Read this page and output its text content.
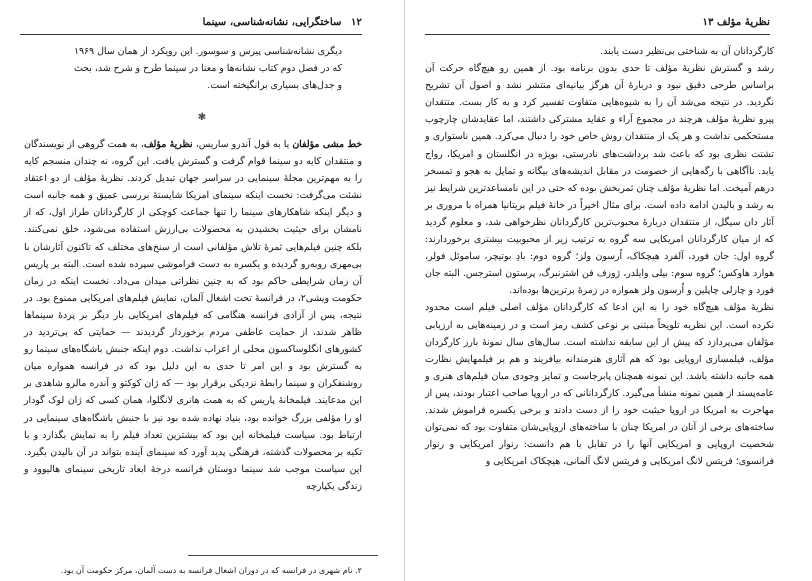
۱۲ ساختگرایی، نشانه‌شناسی، سینما

دیگری نشانه‌شناسی پیرس و سوسور. این رویکرد از همان سال ۱۹۶۹ که در فصل دوم کتاب نشانه‌ها و معنا در سینما طرح و شرح شد، بحث و جدل‌های بسیاری برانگیخته است.

❃

خط مشی مؤلفان یا به قول آندرو ساریس، نظریهٔ مؤلف، به همت گروهی از نویسندگان و منتقدان کایه دو سینما قوام گرفت و گسترش یافت. این گروه، نه چندان منسجم کایه را به مهم‌ترین مجلهٔ سینمایی در سراسر جهان تبدیل کردند. نظریهٔ مؤلف از دو اعتقاد نشئت می‌گرفت: نخست اینکه سینمای امریکا شایستهٔ بررسی عمیق و همه جانبه است و دیگر اینکه شاهکارهای سینما را تنها جماعت کوچکی از کارگردانان طراز اول، که از نامشان برای حیثیت بخشیدن به محصولات بی‌ارزش استفاده می‌شود، خلق نمی‌کنند. بلکه چنین فیلم‌هایی ثمرهٔ تلاش مؤلفانی است از سنخ‌های مختلف که تاکنون آثارشان با بی‌مهری روبه‌رو گردیده و یکسره به دست فراموشی سپرده شده است. البته بر پاریس آن زمان شرایطی حاکم بود که به چنین نظراتی میدان می‌داد. نخست اینکه در زمان حکومت ویشی۲، در فرانسهٔ تحت اشغال آلمان، نمایش فیلم‌های امریکایی ممنوع بود. در نتیجه، پس از آزادی فرانسه هنگامی که فیلم‌های امریکایی بار دیگر بر پردهٔ سینماها ظاهر شدند، از حمایت عاطفی مردم برخوردار گردیدند — حمایتی که بی‌تردید در کشورهای انگلوساکسون محلی از اعراب نداشت. دوم اینکه جنبش باشگاه‌های سینما رو به گسترش بود و این امر تا حدی به این دلیل بود که در فرانسه همواره میان روشنفکران و سینما رابطهٔ نزدیکی برقرار بود — که ژان کوکتو و آندره مالرو شاهدی بر این مدعایند. فیلمخانهٔ پاریس که به همت هانری لانگلوا، همان کسی که ژان لوک گودار او را مؤلفی بزرگ خوانده بود، بنیاد نهاده شده بود نیز با جنبش باشگاه‌های سینمایی در ارتباط بود. سیاست فیلمخانه این بود که بیشترین تعداد فیلم را به نمایش بگذارد و با تکیه بر محصولات گذشته، فرهنگی پدید آورد که سینمای آینده بتواند در آن بالیدن بگیرد. این سیاست موجب شد سینما دوستان فرانسه درجهٔ ابعاد تاریخی سینمای هالیوود و زندگی یکپارچه

۲. نام شهری در فرانسه که در دوران اشغال فرانسه به دست آلمان، مرکز حکومت آن بود.
نظریهٔ مؤلف ۱۳

کارگردانان آن به شناختی بی‌نظیر دست یابند.

رشد و گسترش نظریهٔ مؤلف تا حدی بدون برنامه بود. از همین رو هیچ‌گاه حرکت آن براساس طرحی دقیق نبود و دربارهٔ آن هرگز بیانیه‌ای منتشر نشد و اصول آن تشریح نگردید. در نتیجه می‌شد آن را به شیوه‌هایی متفاوت تفسیر کرد و به کار بست. منتقدان پیرو نظریهٔ مؤلف هرچند در مجموع آراء و عقاید مشترکی داشتند، اما عقایدشان چارچوب مستحکمی نداشت و هر یک از منتقدان روش خاص خود را دنبال می‌کرد. همین ناستواری و تشتت نظری بود که باعث شد برداشت‌های نادرستی، بویژه در انگلستان و امریکا، رواج یابد. ناآگاهی با رگه‌هایی از خصومت در مقابل اندیشه‌های بیگانه و تمایل به هجو و تمسخر درهم آمیخت. اما نظریهٔ مؤلف چنان ثمربخش بوده که حتی در این نامساعدترین شرایط نیز به رشد و بالیدن ادامه داده است. برای مثال اخیراً در خانهٔ فیلم بریتانیا همراه با مروری بر آثار دان سیگل، از منتقدان دربارهٔ محبوب‌ترین کارگردانان نظرخواهی شد، و معلوم گردید که از میان کارگردانان امریکایی سه گروه به ترتیب زیر از محبوبیت بیشتری برخوردارند: گروه اول: جان فورد، آلفرد هیچکاک، اُرسون ولز؛ گروه دوم: بادِ بوتیچر، ساموئل فولر، هوارد هاوکس؛ گروه سوم: بیلی وایلدر، ژوزف فن اشترنبرگ، پرستون استرجس. البته جان فورد و چارلی چاپلین و اُرسون ولز همواره در زمرهٔ برترین‌ها بوده‌اند.

نظریهٔ مؤلف هیچ‌گاه خود را به این ادعا که کارگردانان مؤلف اصلی فیلم است محدود نکرده است. این نظریه تلویحاً مبتنی بر نوعی کشف رمز است و در زمینه‌هایی به ارزیابی مؤلفان می‌پردازد که پیش از این سابقه نداشته است. سال‌های سال نمونهٔ بارز کارگردان مؤلف، فیلمسازی اروپایی بود که هم آثاری هنرمندانه بیافریند و هم بر فیلمهایش نظارت همه جانبه داشته باشد. این نمونه همچنان پابرجاست و تمایز وجودی میان فیلم‌های هنری و عامه‌پسند از همین نمونه منشأ می‌گیرد. کارگردانانی که در اروپا صاحب اعتبار بودند، پس از مهاجرت به امریکا در اروپا حیثیت خود را از دست دادند و برخی یکسره فراموش شدند. ساخته‌های برخی از آنان در امریکا چنان با ساخته‌های اروپایی‌شان متفاوت بود که نمی‌توان شخصیت اروپایی و امریکایی آنها را در تقابل با هم دانست: رنوار امریکایی و رنوار فرانسوی؛ فریتس لانگ امریکایی و فریتس لانگ آلمانی، هیچکاک امریکایی و
